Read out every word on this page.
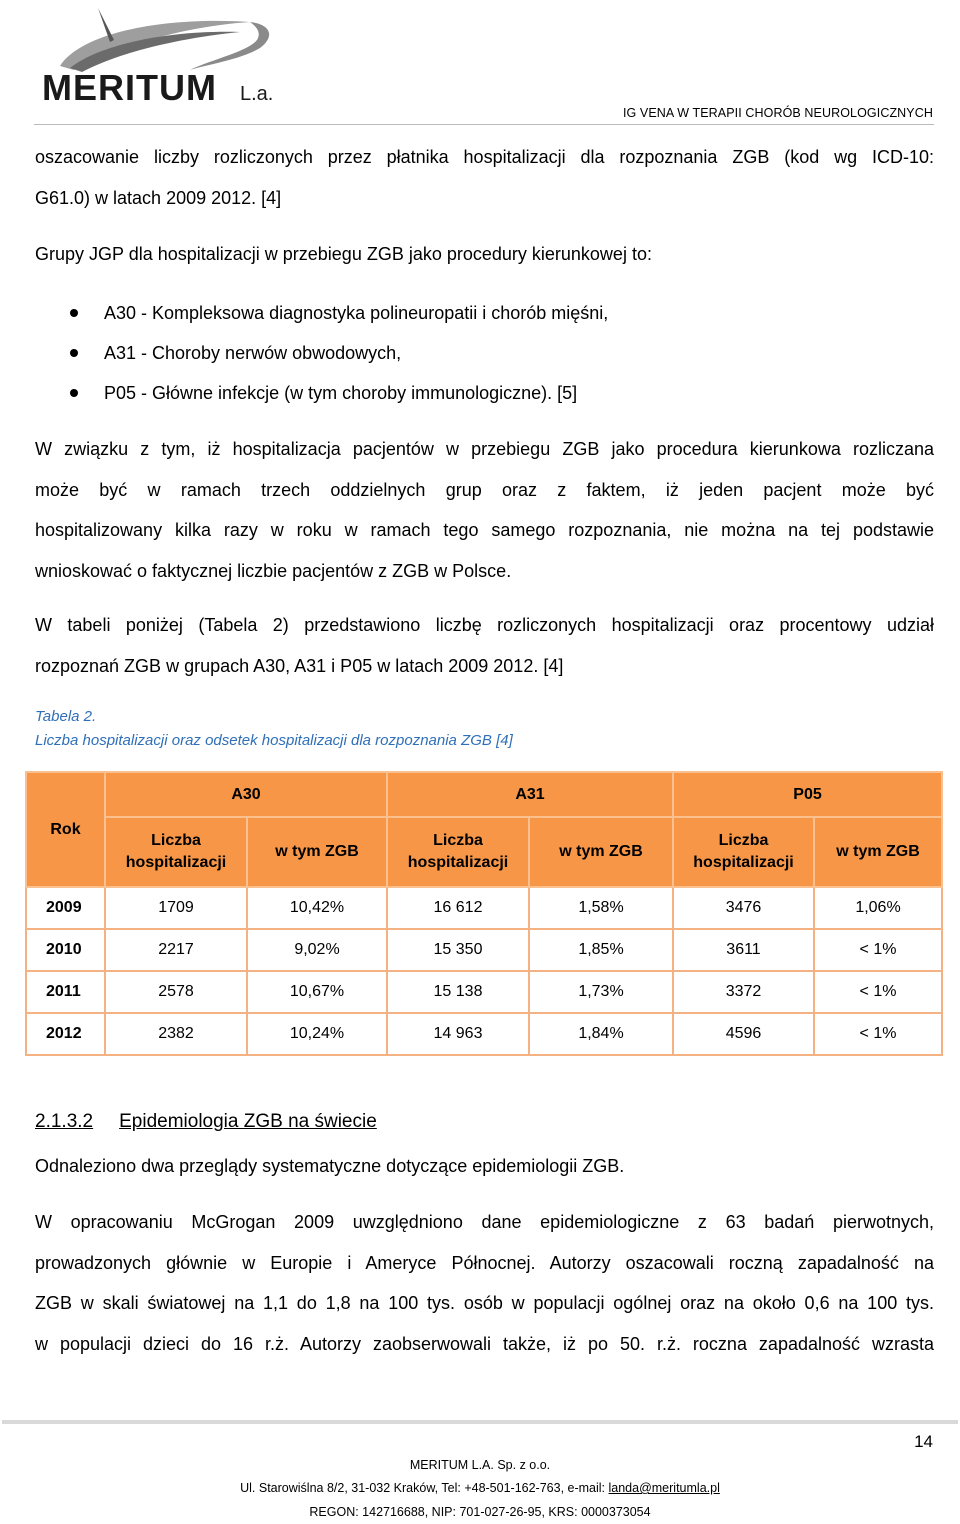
MERITUM L.a.
IG VENA W TERAPII CHORÓB NEUROLOGICZNYCH
oszacowanie liczby rozliczonych przez płatnika hospitalizacji dla rozpoznania ZGB (kod wg ICD-10:
G61.0) w latach 2009 2012. [4]
Grupy JGP dla hospitalizacji w przebiegu ZGB jako procedury kierunkowej to:
A30 - Kompleksowa diagnostyka polineuropatii i chorób mięśni,
A31 - Choroby nerwów obwodowych,
P05 - Główne infekcje (w tym choroby immunologiczne). [5]
W związku z tym, iż hospitalizacja pacjentów w przebiegu ZGB jako procedura kierunkowa rozliczana
może być w ramach trzech oddzielnych grup oraz z faktem, iż jeden pacjent może być
hospitalizowany kilka razy w roku w ramach tego samego rozpoznania, nie można na tej podstawie
wnioskować o faktycznej liczbie pacjentów z ZGB w Polsce.
W tabeli poniżej (Tabela 2) przedstawiono liczbę rozliczonych hospitalizacji oraz procentowy udział
rozpoznań ZGB w grupach A30, A31 i P05 w latach 2009 2012. [4]
Tabela 2.
Liczba hospitalizacji oraz odsetek hospitalizacji dla rozpoznania ZGB [4]
Rok	A30		A31		P05	
	Liczba hospitalizacji	w tym ZGB	Liczba hospitalizacji	w tym ZGB	Liczba hospitalizacji	w tym ZGB
2009	1709	10,42%	16 612	1,58%	3476	1,06%
2010	2217	9,02%	15 350	1,85%	3611	< 1%
2011	2578	10,67%	15 138	1,73%	3372	< 1%
2012	2382	10,24%	14 963	1,84%	4596	< 1%
2.1.3.2 Epidemiologia ZGB na świecie
Odnaleziono dwa przeglądy systematyczne dotyczące epidemiologii ZGB.
W opracowaniu McGrogan 2009 uwzględniono dane epidemiologiczne z 63 badań pierwotnych,
prowadzonych głównie w Europie i Ameryce Północnej. Autorzy oszacowali roczną zapadalność na
ZGB w skali światowej na 1,1 do 1,8 na 100 tys. osób w populacji ogólnej oraz na około 0,6 na 100 tys.
w populacji dzieci do 16 r.ż. Autorzy zaobserwowali także, iż po 50. r.ż. roczna zapadalność wzrasta
14
MERITUM L.A. Sp. z o.o.
Ul. Starowiślna 8/2, 31-032 Kraków, Tel: +48-501-162-763, e-mail: landa@meritumla.pl
REGON: 142716688, NIP: 701-027-26-95, KRS: 0000373054
